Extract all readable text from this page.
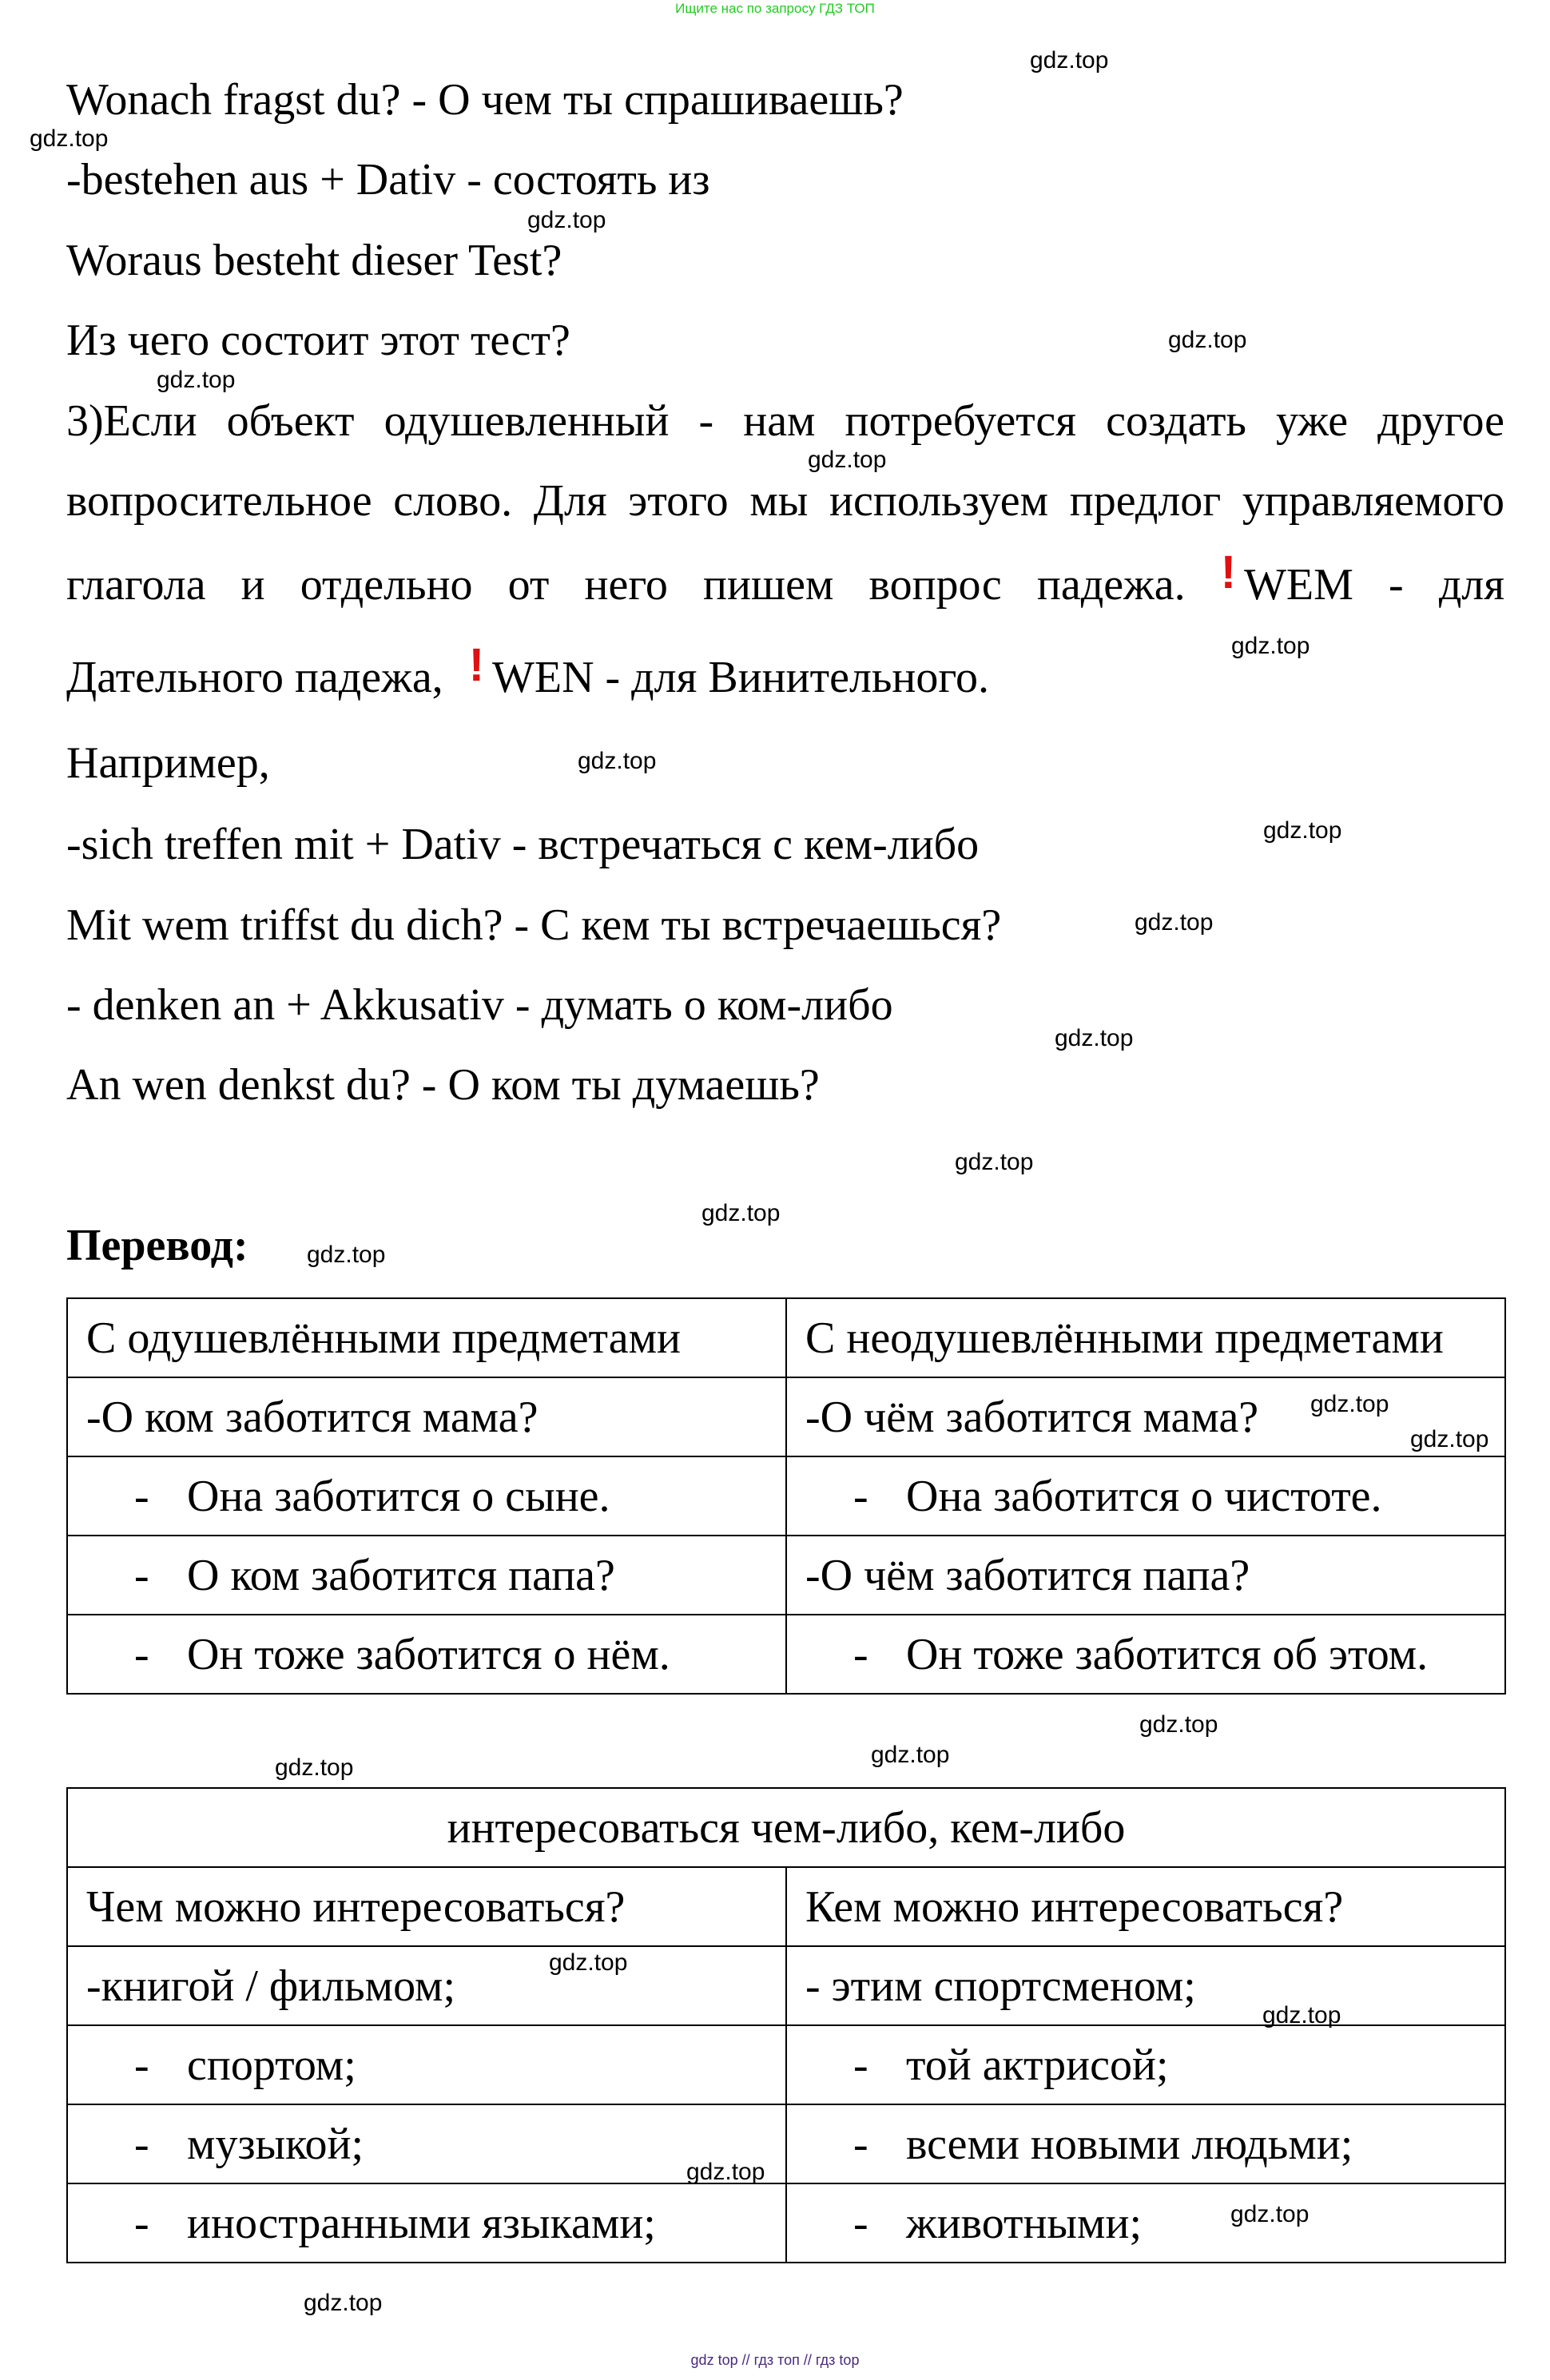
Ищите нас по запросу ГДЗ ТОП
Wonach fragst du? - О чем ты спрашиваешь?
-bestehen aus + Dativ - состоять из
Woraus besteht dieser Test?
Из чего состоит этот тест?
3)Если объект одушевленный - нам потребуется создать уже другое
вопросительное слово. Для этого мы используем предлог управляемого
глагола и отдельно от него пишем вопрос падежа. ! WEM - для
Дательного падежа, ! WEN - для Винительного.
Например,
-sich treffen mit + Dativ - встречаться с кем-либо
Mit wem triffst du dich? - С кем ты встречаешься?
- denken an + Akkusativ - думать о ком-либо
An wen denkst du? - О ком ты думаешь?
Перевод:
С одушевлёнными предметами	С неодушевлёнными предметами
-О ком заботится мама?	-О чём заботится мама?
- Она заботится о сыне.	- Она заботится о чистоте.
- О ком заботится папа?	-О чём заботится папа?
- Он тоже заботится о нём.	- Он тоже заботится об этом.
интересоваться чем-либо, кем-либо	
Чем можно интересоваться?	Кем можно интересоваться?
-книгой / фильмом;	- этим спортсменом;
- спортом;	- той актрисой;
- музыкой;	- всеми новыми людьми;
- иностранными языками;	- животными;
gdz.top
gdz.top
gdz.top
gdz.top
gdz.top
gdz.top
gdz.top
gdz.top
gdz.top
gdz.top
gdz.top
gdz.top
gdz.top
gdz.top
gdz.top
gdz.top
gdz.top
gdz.top
gdz.top
gdz.top
gdz.top
gdz.top
gdz.top
gdz.top
gdz top // гдз топ // гдз top
